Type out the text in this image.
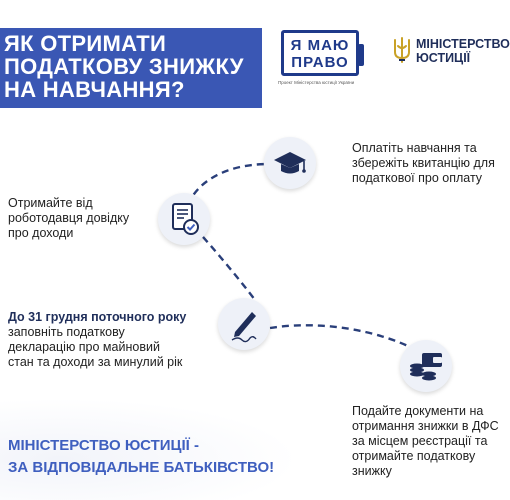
ЯК ОТРИМАТИ
ПОДАТКОВУ ЗНИЖКУ
НА НАВЧАННЯ?
Я МАЮ
ПРАВО
Проект Міністерства юстиції України
МІНІСТЕРСТВО
ЮСТИЦІЇ

Оплатіть навчання та
збережіть квитанцію для
податкової про оплату

Отримайте від
роботодавця довідку
про доходи

До 31 грудня поточного року
заповніть податкову
декларацію про майновий
стан та доходи за минулий рік

Подайте документи на
отримання знижки в ДФС
за місцем реєстрації та
отримайте податкову
знижку

МІНІСТЕРСТВО ЮСТИЦІЇ -
ЗА ВІДПОВІДАЛЬНЕ БАТЬКІВСТВО!
